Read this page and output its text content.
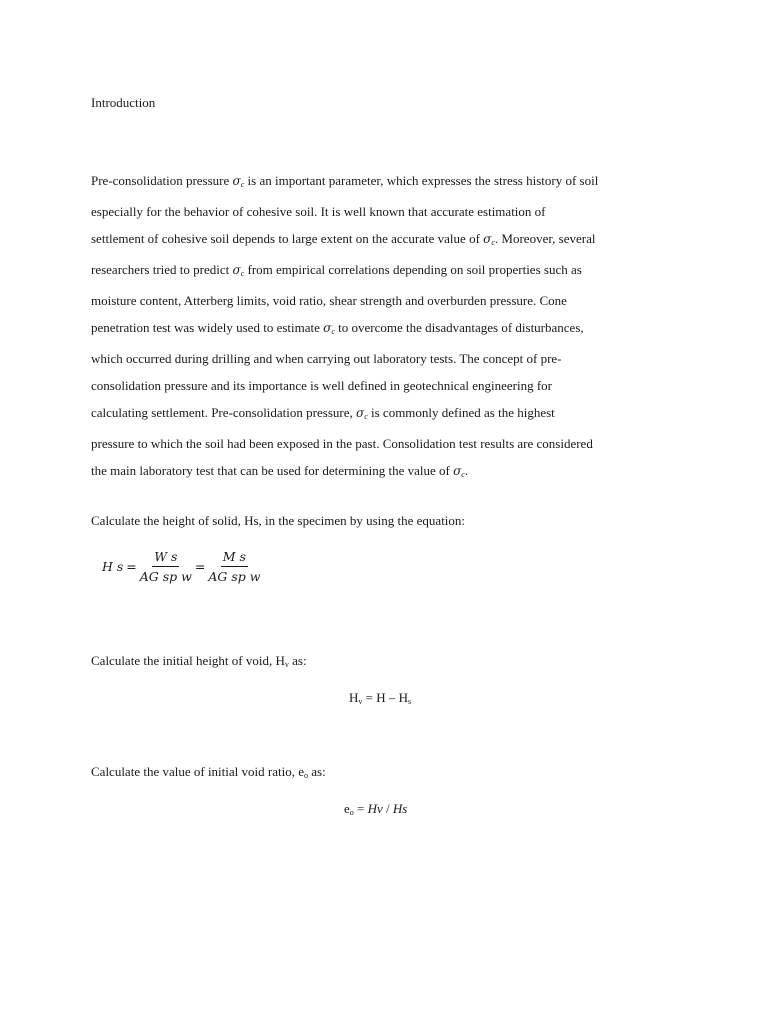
Introduction

Pre-consolidation pressure $\sigma_c$ is an important parameter, which expresses the stress history of soil
especially for the behavior of cohesive soil. It is well known that accurate estimation of
settlement of cohesive soil depends to large extent on the accurate value of $\sigma_c$. Moreover, several
researchers tried to predict $\sigma_c$ from empirical correlations depending on soil properties such as
moisture content, Atterberg limits, void ratio, shear strength and overburden pressure. Cone
penetration test was widely used to estimate $\sigma_c$ to overcome the disadvantages of disturbances,
which occurred during drilling and when carrying out laboratory tests. The concept of pre-
consolidation pressure and its importance is well defined in geotechnical engineering for
calculating settlement. Pre-consolidation pressure, $\sigma_c$ is commonly defined as the highest
pressure to which the soil had been exposed in the past. Consolidation test results are considered
the main laboratory test that can be used for determining the value of $\sigma_c$.

Calculate the height of solid, Hs, in the specimen by using the equation:
H $s = \frac{\text{W s}}{\text{AG sp w}} = \frac{\text{M s}}{\text{AG sp w}}$
Calculate the initial height of void, Hv as:
Hv = H – Hs
Calculate the value of initial void ratio, eo as:
eo = Hv / Hs
